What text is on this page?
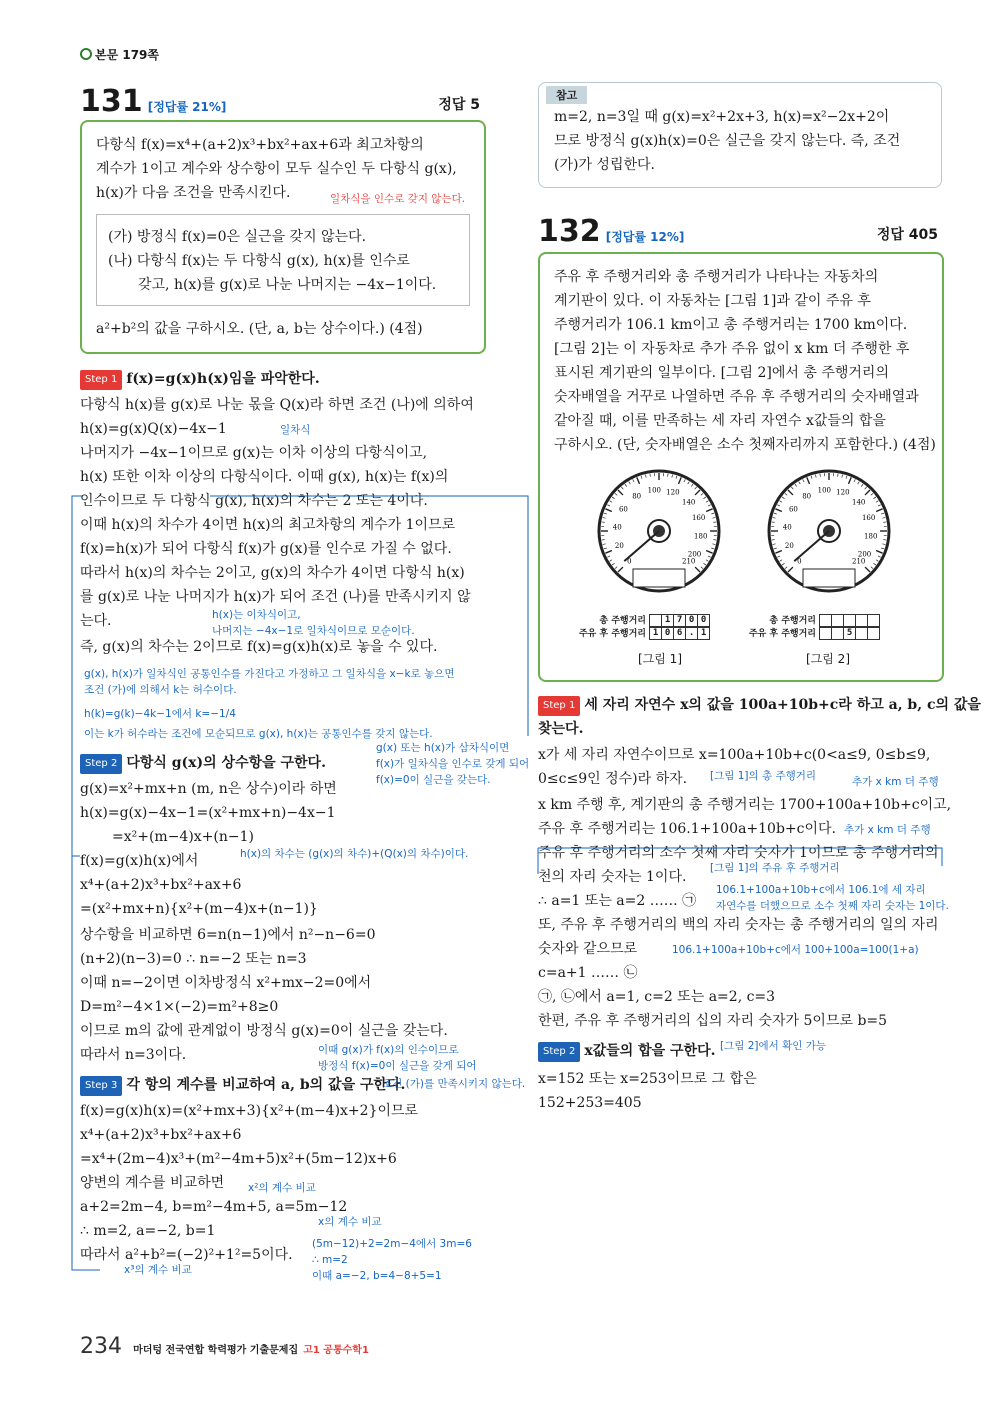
본문 179쪽
131 [정답률 21%]	정답 5
다항식 f(x)=x⁴+(a+2)x³+bx²+ax+6과 최고차항의
계수가 1이고 계수와 상수항이 모두 실수인 두 다항식 g(x),
h(x)가 다음 조건을 만족시킨다.	일차식을 인수로 갖지 않는다.
(가) 방정식 f(x)=0은 실근을 갖지 않는다.
(나) 다항식 f(x)는 두 다항식 g(x), h(x)를 인수로
갖고, h(x)를 g(x)로 나눈 나머지는 −4x−1이다.
a²+b²의 값을 구하시오. (단, a, b는 상수이다.) (4점)
Step 1 f(x)=g(x)h(x)임을 파악한다.
다항식 h(x)를 g(x)로 나눈 몫을 Q(x)라 하면 조건 (나)에 의하여
h(x)=g(x)Q(x)−4x−1	일차식
나머지가 −4x−1이므로 g(x)는 이차 이상의 다항식이고,
h(x) 또한 이차 이상의 다항식이다. 이때 g(x), h(x)는 f(x)의
인수이므로 두 다항식 g(x), h(x)의 차수는 2 또는 4이다.
이때 h(x)의 차수가 4이면 h(x)의 최고차항의 계수가 1이므로
f(x)=h(x)가 되어 다항식 f(x)가 g(x)를 인수로 가질 수 없다.
따라서 h(x)의 차수는 2이고, g(x)의 차수가 4이면 다항식 h(x)
를 g(x)로 나눈 나머지가 h(x)가 되어 조건 (나)를 만족시키지 않
는다.	h(x)는 이차식이고,
나머지는 −4x−1로 일차식이므로 모순이다.
즉, g(x)의 차수는 2이므로 f(x)=g(x)h(x)로 놓을 수 있다.
g(x), h(x)가 일차식인 공통인수를 가진다고 가정하고 그 일차식을 x−k로 놓으면
조건 (가)에 의해서 k는 허수이다.
h(k)=g(k)−4k−1에서 k=−1/4
이는 k가 허수라는 조건에 모순되므로 g(x), h(x)는 공통인수를 갖지 않는다.
g(x) 또는 h(x)가 삼차식이면
f(x)가 일차식을 인수로 갖게 되어
f(x)=0이 실근을 갖는다.
Step 2 다항식 g(x)의 상수항을 구한다.
g(x)=x²+mx+n (m, n은 상수)이라 하면
h(x)=g(x)−4x−1=(x²+mx+n)−4x−1
=x²+(m−4)x+(n−1)
f(x)=g(x)h(x)에서	h(x)의 차수는 (g(x)의 차수)+(Q(x)의 차수)이다.
x⁴+(a+2)x³+bx²+ax+6
=(x²+mx+n){x²+(m−4)x+(n−1)}
상수항을 비교하면 6=n(n−1)에서 n²−n−6=0
(n+2)(n−3)=0 ∴ n=−2 또는 n=3
이때 n=−2이면 이차방정식 x²+mx−2=0에서
D=m²−4×1×(−2)=m²+8≥0
이므로 m의 값에 관계없이 방정식 g(x)=0이 실근을 갖는다.
따라서 n=3이다.	이때 g(x)가 f(x)의 인수이므로
방정식 f(x)=0이 실근을 갖게 되어
Step 3 각 항의 계수를 비교하여 a, b의 값을 구한다.
조건 (가)를 만족시키지 않는다.
f(x)=g(x)h(x)=(x²+mx+3){x²+(m−4)x+2}이므로
x⁴+(a+2)x³+bx²+ax+6
=x⁴+(2m−4)x³+(m²−4m+5)x²+(5m−12)x+6
양변의 계수를 비교하면 x²의 계수 비교
a+2=2m−4, b=m²−4m+5, a=5m−12
x의 계수 비교
∴ m=2, a=−2, b=1
(5m−12)+2=2m−4에서 3m=6
따라서 a²+b²=(−2)²+1²=5이다. ∴ m=2
x³의 계수 비교	이때 a=−2, b=4−8+5=1
참고
m=2, n=3일 때 g(x)=x²+2x+3, h(x)=x²−2x+2이
므로 방정식 g(x)h(x)=0은 실근을 갖지 않는다. 즉, 조건
(가)가 성립한다.
132 [정답률 12%]	정답 405
주유 후 주행거리와 총 주행거리가 나타나는 자동차의
계기판이 있다. 이 자동차는 [그림 1]과 같이 주유 후
주행거리가 106.1 km이고 총 주행거리는 1700 km이다.
[그림 2]는 이 자동차로 추가 주유 없이 x km 더 주행한 후
표시된 계기판의 일부이다. [그림 2]에서 총 주행거리의
숫자배열을 거꾸로 나열하면 주유 후 주행거리의 숫자배열과
같아질 때, 이를 만족하는 세 자리 자연수 x값들의 합을
구하시오. (단, 숫자배열은 소수 첫째자리까지 포함한다.) (4점)
0
20
40
60
80
100 120
140
160
180
200
210	0
20
40
60
80
100 120
140
160
180
200
210
총 주행거리 1 7 0 0
주유 후 주행거리 1 0 6 . 1
[그림 1]
총 주행거리
주유 후 주행거리	5
[그림 2]
Step 1 세 자리 자연수 x의 값을 100a+10b+c라 하고 a, b, c의 값을
찾는다.
x가 세 자리 자연수이므로 x=100a+10b+c(0<a≤9, 0≤b≤9,
0≤c≤9인 정수)라 하자. [그림 1]의 총 주행거리	추가 x km 더 주행
x km 주행 후, 계기판의 총 주행거리는 1700+100a+10b+c이고,
주유 후 주행거리는 106.1+100a+10b+c이다. 추가 x km 더 주행
주유 후 주행거리의 소수 첫째 자리 숫자가 1이므로 총 주행거리의
[그림 1]의 주유 후 주행거리
천의 자리 숫자는 1이다.
106.1+100a+10b+c에서 106.1에 세 자리
∴ a=1 또는 a=2 …… ㉠ 자연수를 더했으므로 소수 첫째 자리 숫자는 1이다.
또, 주유 후 주행거리의 백의 자리 숫자는 총 주행거리의 일의 자리
숫자와 같으므로	106.1+100a+10b+c에서 100+100a=100(1+a)
c=a+1 …… ㉡
㉠, ㉡에서 a=1, c=2 또는 a=2, c=3
한편, 주유 후 주행거리의 십의 자리 숫자가 5이므로 b=5
Step 2 x값들의 합을 구한다. [그림 2]에서 확인 가능
x=152 또는 x=253이므로 그 합은
152+253=405
234 마더텅 전국연합 학력평가 기출문제집 고1 공통수학1
